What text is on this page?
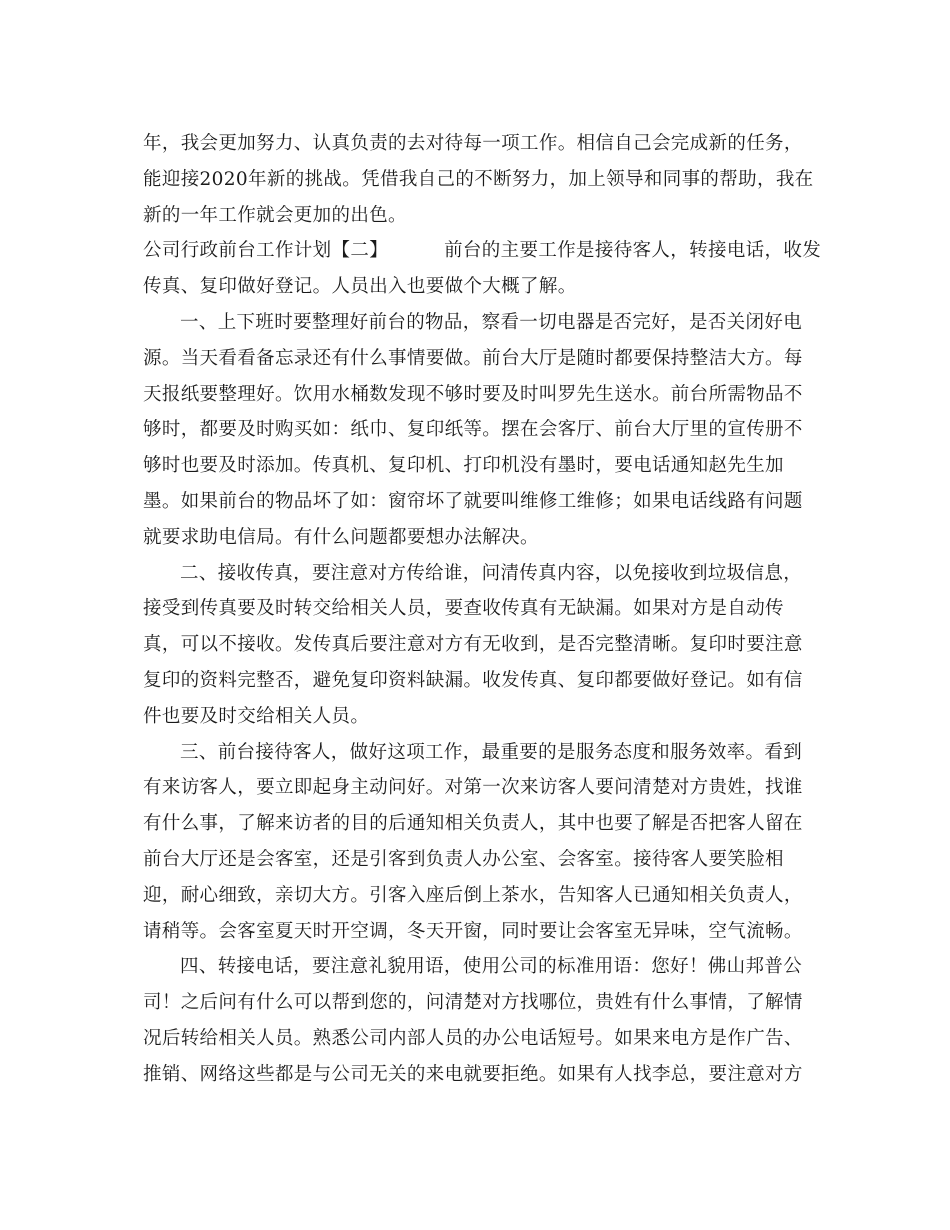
年，我会更加努力、认真负责的去对待每一项工作。相信自己会完成新的任务，
能迎接2020年新的挑战。凭借我自己的不断努力，加上领导和同事的帮助，我在
新的一年工作就会更加的出色。
公司行政前台工作计划【二】	前台的主要工作是接待客人，转接电话，收发
传真、复印做好登记。人员出入也要做个大概了解。
一、上下班时要整理好前台的物品，察看一切电器是否完好，是否关闭好电
源。当天看看备忘录还有什么事情要做。前台大厅是随时都要保持整洁大方。每
天报纸要整理好。饮用水桶数发现不够时要及时叫罗先生送水。前台所需物品不
够时，都要及时购买如：纸巾、复印纸等。摆在会客厅、前台大厅里的宣传册不
够时也要及时添加。传真机、复印机、打印机没有墨时，要电话通知赵先生加
墨。如果前台的物品坏了如：窗帘坏了就要叫维修工维修；如果电话线路有问题
就要求助电信局。有什么问题都要想办法解决。
二、接收传真，要注意对方传给谁，问清传真内容，以免接收到垃圾信息，
接受到传真要及时转交给相关人员，要查收传真有无缺漏。如果对方是自动传
真，可以不接收。发传真后要注意对方有无收到，是否完整清晰。复印时要注意
复印的资料完整否，避免复印资料缺漏。收发传真、复印都要做好登记。如有信
件也要及时交给相关人员。
三、前台接待客人，做好这项工作，最重要的是服务态度和服务效率。看到
有来访客人，要立即起身主动问好。对第一次来访客人要问清楚对方贵姓，找谁
有什么事，了解来访者的目的后通知相关负责人，其中也要了解是否把客人留在
前台大厅还是会客室，还是引客到负责人办公室、会客室。接待客人要笑脸相
迎，耐心细致，亲切大方。引客入座后倒上茶水，告知客人已通知相关负责人，
请稍等。会客室夏天时开空调，冬天开窗，同时要让会客室无异味，空气流畅。
四、转接电话，要注意礼貌用语，使用公司的标准用语：您好！佛山邦普公
司！之后问有什么可以帮到您的，问清楚对方找哪位，贵姓有什么事情，了解情
况后转给相关人员。熟悉公司内部人员的办公电话短号。如果来电方是作广告、
推销、网络这些都是与公司无关的来电就要拒绝。如果有人找李总，要注意对方
